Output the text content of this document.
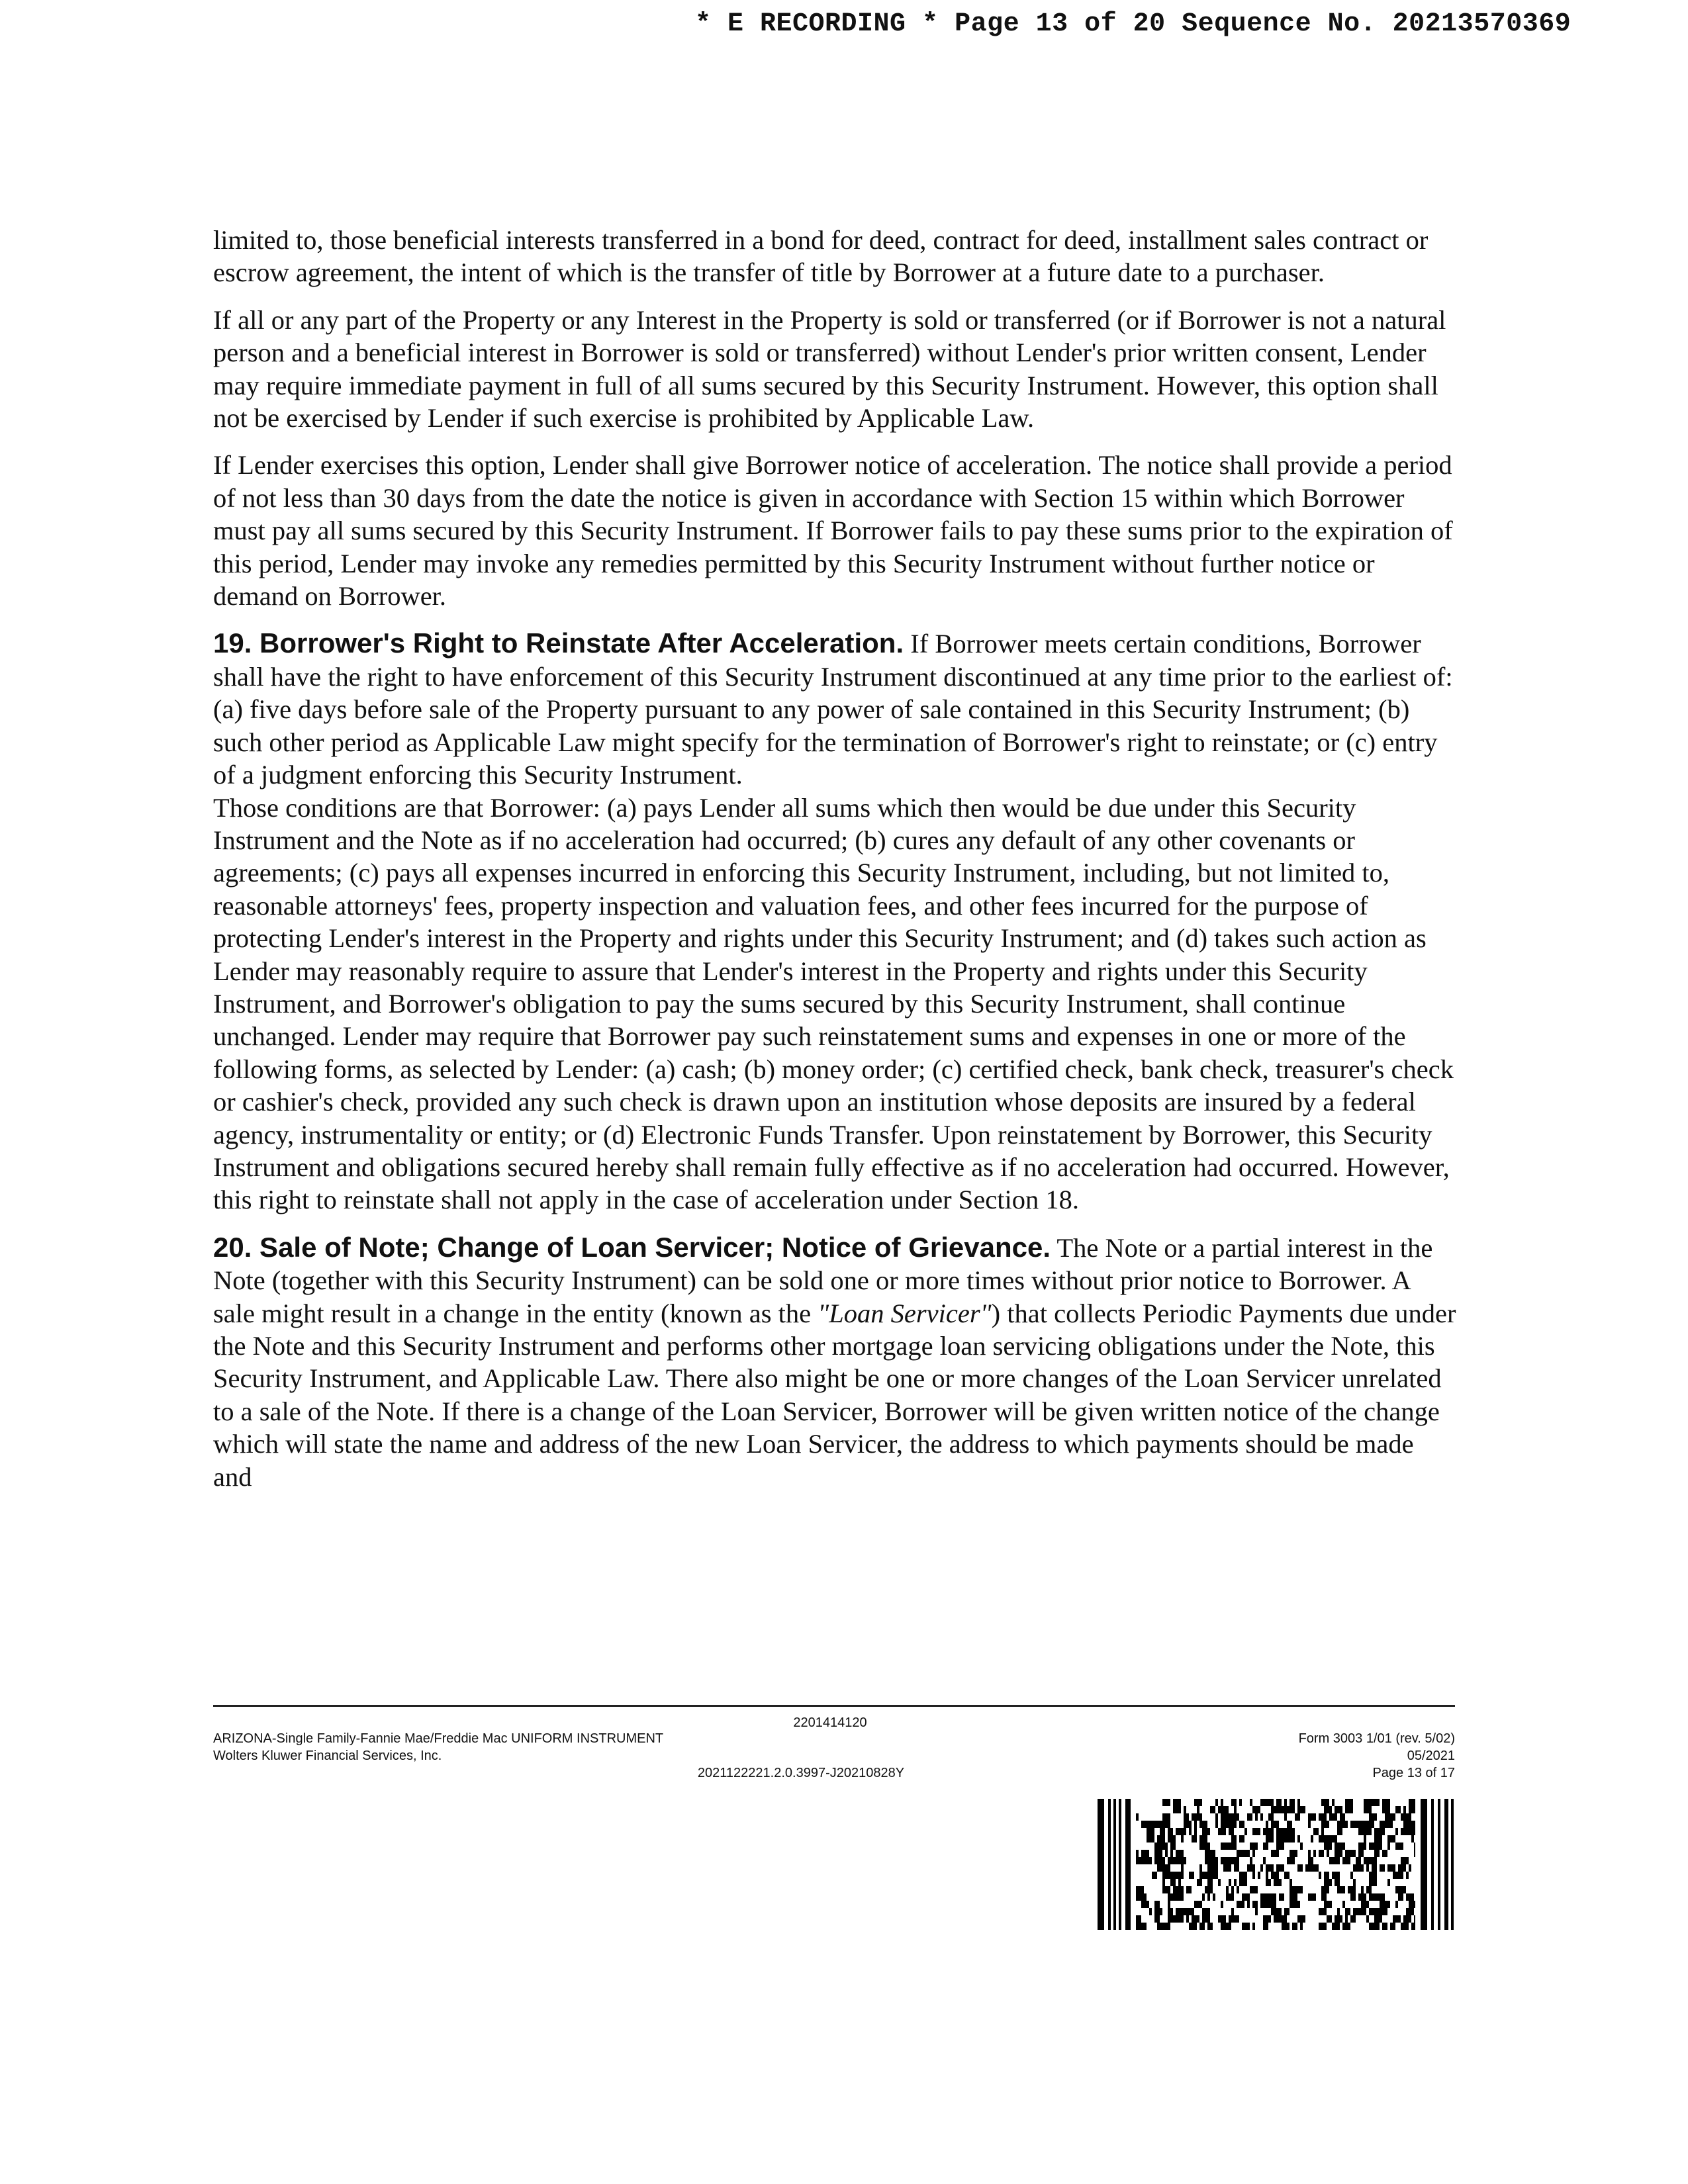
* E RECORDING * Page 13 of 20 Sequence No. 20213570369

limited to, those beneficial interests transferred in a bond for deed, contract for deed, installment sales contract or escrow agreement, the intent of which is the transfer of title by Borrower at a future date to a purchaser.

If all or any part of the Property or any Interest in the Property is sold or transferred (or if Borrower is not a natural person and a beneficial interest in Borrower is sold or transferred) without Lender's prior written consent, Lender may require immediate payment in full of all sums secured by this Security Instrument. However, this option shall not be exercised by Lender if such exercise is prohibited by Applicable Law.

If Lender exercises this option, Lender shall give Borrower notice of acceleration. The notice shall provide a period of not less than 30 days from the date the notice is given in accordance with Section 15 within which Borrower must pay all sums secured by this Security Instrument. If Borrower fails to pay these sums prior to the expiration of this period, Lender may invoke any remedies permitted by this Security Instrument without further notice or demand on Borrower.

19. Borrower's Right to Reinstate After Acceleration. If Borrower meets certain conditions, Borrower shall have the right to have enforcement of this Security Instrument discontinued at any time prior to the earliest of: (a) five days before sale of the Property pursuant to any power of sale contained in this Security Instrument; (b) such other period as Applicable Law might specify for the termination of Borrower's right to reinstate; or (c) entry of a judgment enforcing this Security Instrument.
Those conditions are that Borrower: (a) pays Lender all sums which then would be due under this Security Instrument and the Note as if no acceleration had occurred; (b) cures any default of any other covenants or agreements; (c) pays all expenses incurred in enforcing this Security Instrument, including, but not limited to, reasonable attorneys' fees, property inspection and valuation fees, and other fees incurred for the purpose of protecting Lender's interest in the Property and rights under this Security Instrument; and (d) takes such action as Lender may reasonably require to assure that Lender's interest in the Property and rights under this Security Instrument, and Borrower's obligation to pay the sums secured by this Security Instrument, shall continue unchanged. Lender may require that Borrower pay such reinstatement sums and expenses in one or more of the following forms, as selected by Lender: (a) cash; (b) money order; (c) certified check, bank check, treasurer's check or cashier's check, provided any such check is drawn upon an institution whose deposits are insured by a federal agency, instrumentality or entity; or (d) Electronic Funds Transfer. Upon reinstatement by Borrower, this Security Instrument and obligations secured hereby shall remain fully effective as if no acceleration had occurred. However, this right to reinstate shall not apply in the case of acceleration under Section 18.

20. Sale of Note; Change of Loan Servicer; Notice of Grievance. The Note or a partial interest in the Note (together with this Security Instrument) can be sold one or more times without prior notice to Borrower. A sale might result in a change in the entity (known as the "Loan Servicer") that collects Periodic Payments due under the Note and this Security Instrument and performs other mortgage loan servicing obligations under the Note, this Security Instrument, and Applicable Law. There also might be one or more changes of the Loan Servicer unrelated to a sale of the Note. If there is a change of the Loan Servicer, Borrower will be given written notice of the change which will state the name and address of the new Loan Servicer, the address to which payments should be made and

2201414120
ARIZONA-Single Family-Fannie Mae/Freddie Mac UNIFORM INSTRUMENT
Wolters Kluwer Financial Services, Inc.
2021122221.2.0.3997-J20210828Y
Form 3003 1/01 (rev. 5/02)
05/2021
Page 13 of 17
